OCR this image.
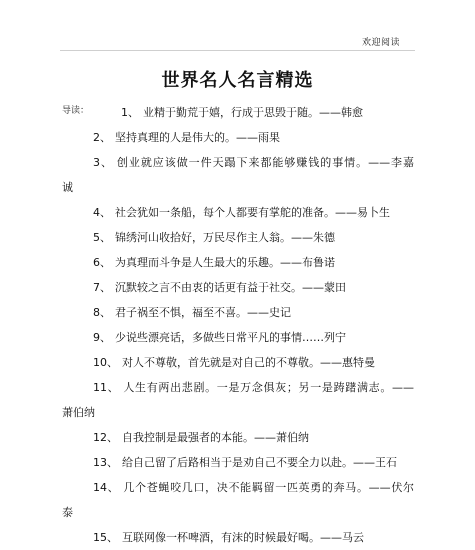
欢迎阅读
世界名人名言精选
导读：	1、 业精于勤荒于嬉，行成于思毁于随。——韩愈
2、 坚持真理的人是伟大的。——雨果
3、 创业就应该做一件天蹋下来都能够赚钱的事情。——李嘉
诚
4、 社会犹如一条船，每个人都要有掌舵的准备。——易卜生
5、 锦绣河山收拾好，万民尽作主人翁。——朱德
6、 为真理而斗争是人生最大的乐趣。——布鲁诺
7、 沉默较之言不由衷的话更有益于社交。——蒙田
8、 君子祸至不惧，福至不喜。——史记
9、 少说些漂亮话，多做些日常平凡的事情……列宁
10、 对人不尊敬，首先就是对自己的不尊敬。——惠特曼
11、 人生有两出悲剧。一是万念俱灰；另一是踌躇满志。——
萧伯纳
12、 自我控制是最强者的本能。——萧伯纳
13、 给自己留了后路相当于是劝自己不要全力以赴。——王石
14、 几个苍蝇咬几口，决不能羁留一匹英勇的奔马。——伏尔
泰
15、 互联网像一杯啤酒，有沫的时候最好喝。——马云
